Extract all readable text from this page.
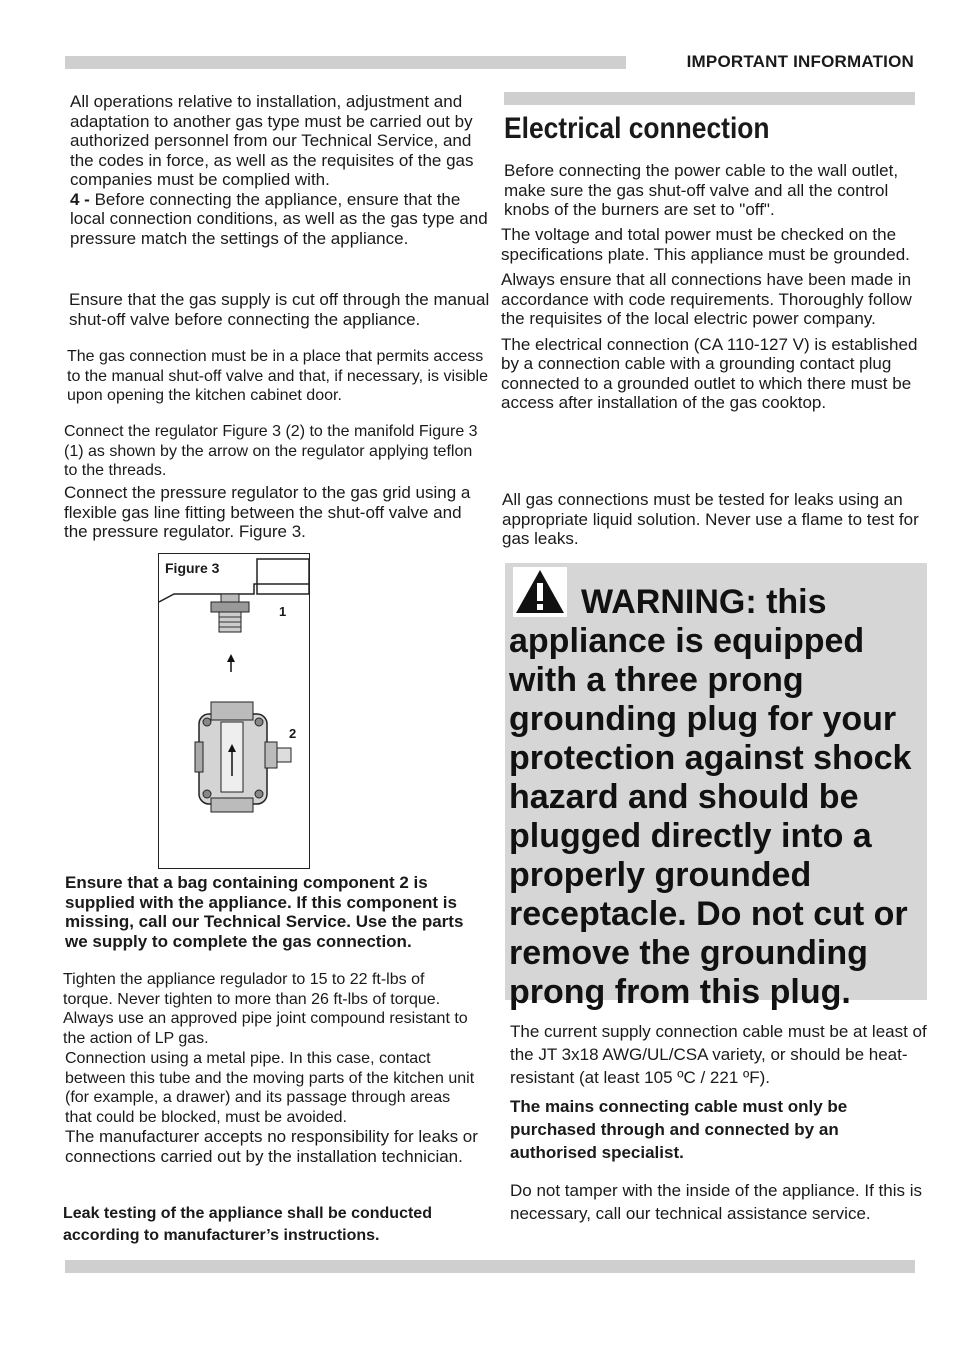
IMPORTANT INFORMATION

All operations relative to installation, adjustment and adaptation to another gas type must be carried out by authorized personnel from our Technical Service, and the codes in force, as well as the requisites of the gas companies must be complied with.

4 - Before connecting the appliance, ensure that the local connection conditions, as well as the gas type and pressure match the settings of the appliance.

Ensure that the gas supply is cut off through the manual shut-off valve before connecting the appliance.

The gas connection must be in a place that permits access to the manual shut-off valve and that, if necessary, is visible upon opening the kitchen cabinet door.

Connect the regulator Figure 3 (2) to the manifold Figure 3 (1) as shown by the arrow on the regulator applying teflon to the threads.

Connect the pressure regulator to the gas grid using a flexible gas line fitting between the shut-off valve and the pressure regulator. Figure 3.

Figure 3
1
2

Ensure that a bag containing component 2 is supplied with the appliance. If this component is missing, call our Technical Service. Use the parts we supply to complete the gas connection.

Tighten the appliance regulador to 15 to 22 ft-lbs of torque. Never tighten to more than 26 ft-lbs of torque. Always use an approved pipe joint compound resistant to the action of LP gas.

Connection using a metal pipe. In this case, contact between this tube and the moving parts of the kitchen unit (for example, a drawer) and its passage through areas that could be blocked, must be avoided.

The manufacturer accepts no responsibility for leaks or connections carried out by the installation technician.

Leak testing of the appliance shall be conducted according to manufacturer’s instructions.

Electrical connection

Before connecting the power cable to the wall outlet, make sure the gas shut-off valve and all the control knobs of the burners are set to "off".

The voltage and total power must be checked on the specifications plate. This appliance must be grounded.

Always ensure that all connections have been made in accordance with code requirements. Thoroughly follow the requisites of the local electric power company.

The electrical connection (CA 110-127 V) is established by a connection cable with a grounding contact plug connected to a grounded outlet to which there must be access after installation of the gas cooktop.

All gas connections must be tested for leaks using an appropriate liquid solution. Never use a flame to test for gas leaks.

WARNING: this appliance is equipped with a three prong grounding plug for your protection against shock hazard and should be plugged directly into a properly grounded receptacle. Do not cut or remove the grounding prong from this plug.

The current supply connection cable must be at least of the JT 3x18 AWG/UL/CSA variety, or should be heat-resistant (at least 105 ºC / 221 ºF).

The mains connecting cable must only be purchased through and connected by an authorised specialist.

Do not tamper with the inside of the appliance. If this is necessary, call our technical assistance service.
